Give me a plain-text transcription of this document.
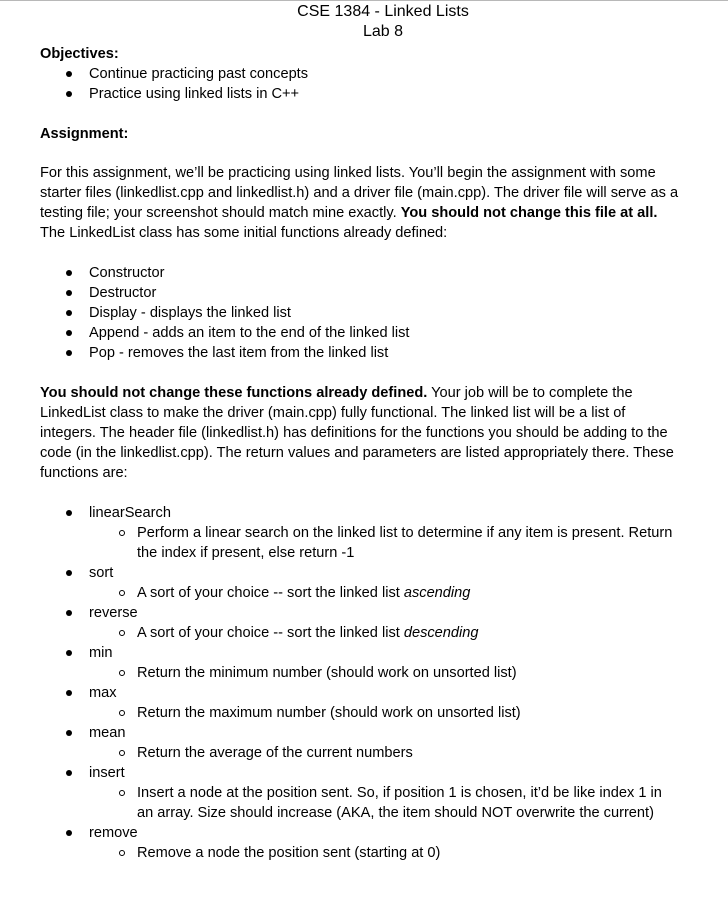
CSE 1384 - Linked Lists
Lab 8

Objectives:

Continue practicing past concepts
Practice using linked lists in C++

Assignment:

For this assignment, we’ll be practicing using linked lists. You’ll begin the assignment with some starter files (linkedlist.cpp and linkedlist.h) and a driver file (main.cpp). The driver file will serve as a testing file; your screenshot should match mine exactly. You should not change this file at all. The LinkedList class has some initial functions already defined:

Constructor
Destructor
Display - displays the linked list
Append - adds an item to the end of the linked list
Pop - removes the last item from the linked list

You should not change these functions already defined. Your job will be to complete the LinkedList class to make the driver (main.cpp) fully functional. The linked list will be a list of integers. The header file (linkedlist.h) has definitions for the functions you should be adding to the code (in the linkedlist.cpp). The return values and parameters are listed appropriately there. These functions are:

linearSearch
Perform a linear search on the linked list to determine if any item is present. Return the index if present, else return -1
sort
A sort of your choice -- sort the linked list ascending
reverse
A sort of your choice -- sort the linked list descending
min
Return the minimum number (should work on unsorted list)
max
Return the maximum number (should work on unsorted list)
mean
Return the average of the current numbers
insert
Insert a node at the position sent. So, if position 1 is chosen, it’d be like index 1 in an array. Size should increase (AKA, the item should NOT overwrite the current)
remove
Remove a node the position sent (starting at 0)
